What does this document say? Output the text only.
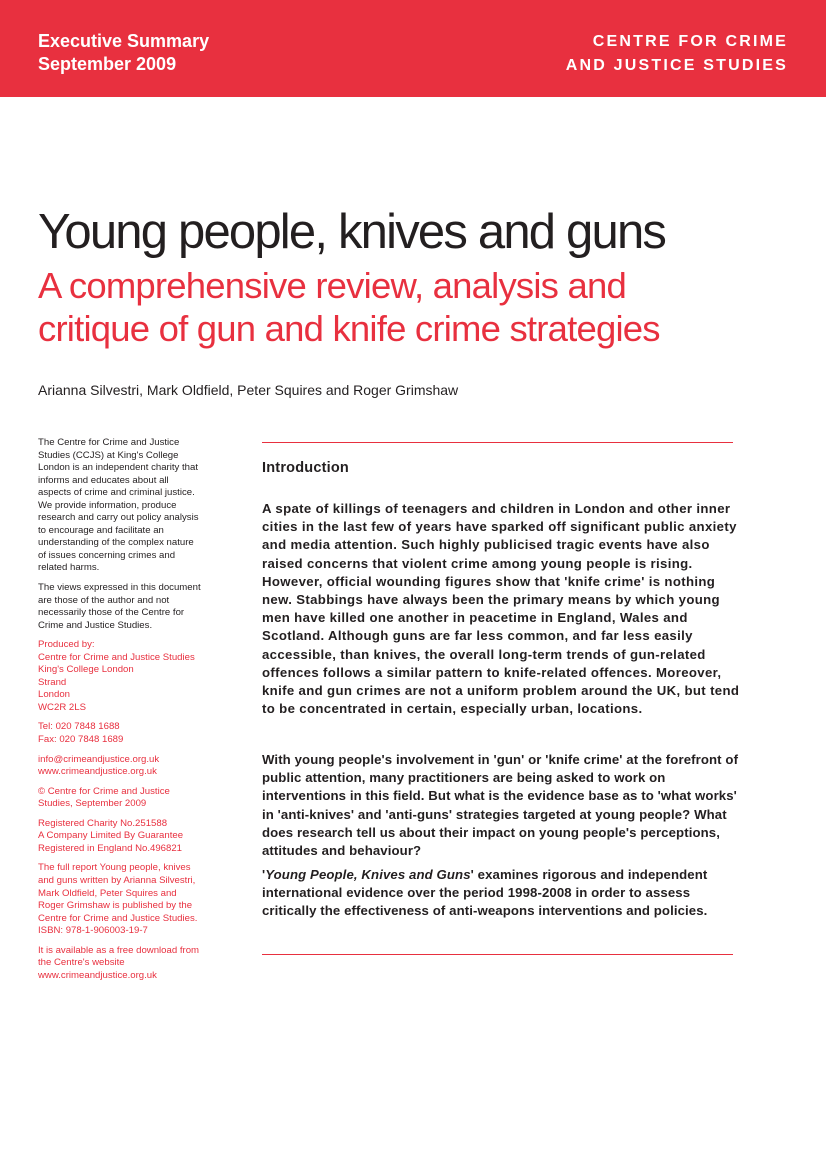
Executive Summary
September 2009
CENTRE FOR CRIME
AND JUSTICE STUDIES
Young people, knives and guns
A comprehensive review, analysis and
critique of gun and knife crime strategies
Arianna Silvestri, Mark Oldfield, Peter Squires and Roger Grimshaw

The Centre for Crime and Justice Studies (CCJS) at King's College London is an independent charity that informs and educates about all aspects of crime and criminal justice. We provide information, produce research and carry out policy analysis to encourage and facilitate an understanding of the complex nature of issues concerning crimes and related harms.

The views expressed in this document are those of the author and not necessarily those of the Centre for Crime and Justice Studies.

Produced by:
Centre for Crime and Justice Studies
King's College London
Strand
London
WC2R 2LS

Tel: 020 7848 1688
Fax: 020 7848 1689

info@crimeandjustice.org.uk
www.crimeandjustice.org.uk

© Centre for Crime and Justice Studies, September 2009

Registered Charity No.251588
A Company Limited By Guarantee
Registered in England No.496821

The full report Young people, knives and guns written by Arianna Silvestri, Mark Oldfield, Peter Squires and Roger Grimshaw is published by the Centre for Crime and Justice Studies. ISBN: 978-1-906003-19-7

It is available as a free download from the Centre's website
www.crimeandjustice.org.uk

Introduction

A spate of killings of teenagers and children in London and other inner cities in the last few of years have sparked off significant public anxiety and media attention. Such highly publicised tragic events have also raised concerns that violent crime among young people is rising. However, official wounding figures show that 'knife crime' is nothing new. Stabbings have always been the primary means by which young men have killed one another in peacetime in England, Wales and Scotland. Although guns are far less common, and far less easily accessible, than knives, the overall long-term trends of gun-related offences follows a similar pattern to knife-related offences. Moreover, knife and gun crimes are not a uniform problem around the UK, but tend to be concentrated in certain, especially urban, locations.

With young people's involvement in 'gun' or 'knife crime' at the forefront of public attention, many practitioners are being asked to work on interventions in this field. But what is the evidence base as to 'what works' in 'anti-knives' and 'anti-guns' strategies targeted at young people? What does research tell us about their impact on young people's perceptions, attitudes and behaviour?

'Young People, Knives and Guns' examines rigorous and independent international evidence over the period 1998-2008 in order to assess critically the effectiveness of anti-weapons interventions and policies.
